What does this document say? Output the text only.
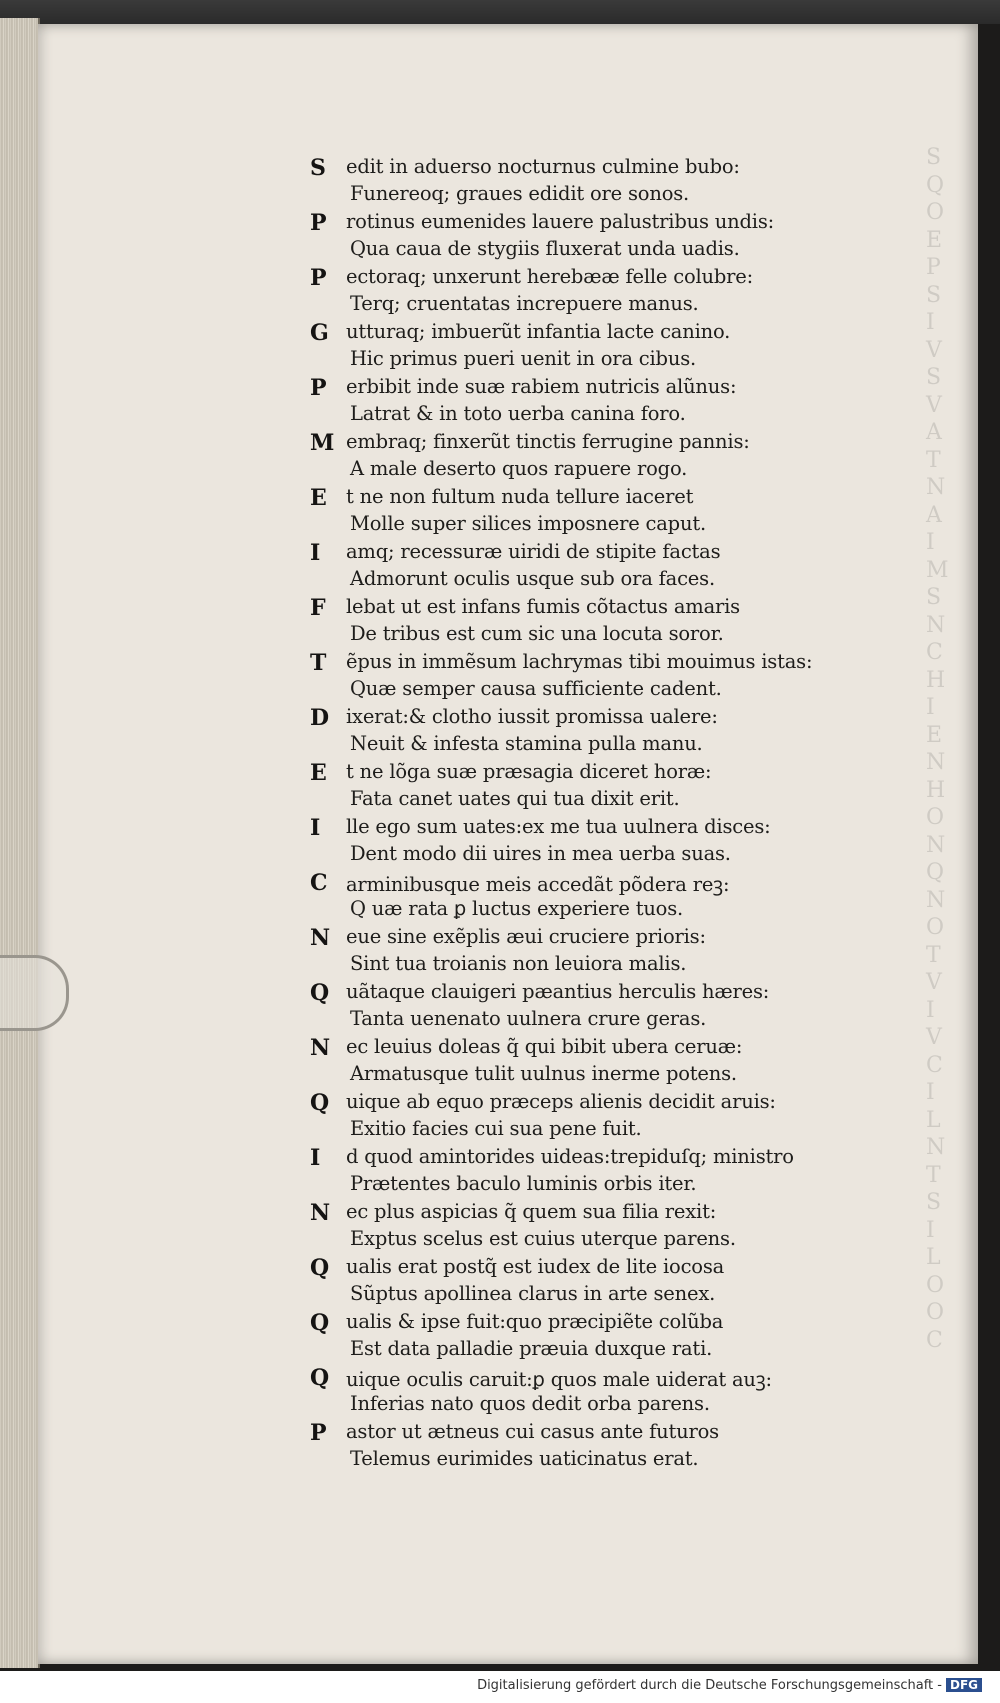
S
Q
O
E
P
S
I
V
S
V
A
T
N
A
I
M
S
N
C
H
I
E
N
H
O
N
Q
N
O
T
V
I
V
C
I
L
N
T
S
I
L
O
O
C
S edit in aduerso nocturnus culmine bubo:
Funereoq; graues edidit ore sonos.
P rotinus eumenides lauere palustribus undis:
Qua caua de stygiis fluxerat unda uadis.
P ectoraq; unxerunt herebææ felle colubre:
Terq; cruentatas increpuere manus.
G utturaq; imbuerũt infantia lacte canino.
Hic primus pueri uenit in ora cibus.
P erbibit inde suæ rabiem nutricis alũnus:
Latrat & in toto uerba canina foro.
M embraq; finxerũt tinctis ferrugine pannis:
A male deserto quos rapuere rogo.
E t ne non fultum nuda tellure iaceret
Molle super silices imposnere caput.
I amq; recessuræ uiridi de stipite factas
Admorunt oculis usque sub ora faces.
F lebat ut est infans fumis cõtactus amaris
De tribus est cum sic una locuta soror.
T ẽpus in immẽsum lachrymas tibi mouimus istas:
Quæ semper causa sufficiente cadent.
D ixerat:& clotho iussit promissa ualere:
Neuit & infesta stamina pulla manu.
E t ne lõga suæ præsagia diceret horæ:
Fata canet uates qui tua dixit erit.
I lle ego sum uates:ex me tua uulnera disces:
Dent modo dii uires in mea uerba suas.
C arminibusque meis accedãt põdera reꝫ:
Q uæ rata ꝑ luctus experiere tuos.
N eue sine exẽplis æui cruciere prioris:
Sint tua troianis non leuiora malis.
Q uãtaque clauigeri pæantius herculis hæres:
Tanta uenenato uulnera crure geras.
N ec leuius doleas q̃ qui bibit ubera ceruæ:
Armatusque tulit uulnus inerme potens.
Q uique ab equo præceps alienis decidit aruis:
Exitio facies cui sua pene fuit.
I d quod amintorides uideas:trepiduſq; ministro
Prætentes baculo luminis orbis iter.
N ec plus aspicias q̃ quem sua filia rexit:
Exptus scelus est cuius uterque parens.
Q ualis erat postq̃ est iudex de lite iocosa
Sũptus apollinea clarus in arte senex.
Q ualis & ipse fuit:quo præcipiẽte colũba
Est data palladie præuia duxque rati.
Q uique oculis caruit:ꝑ quos male uiderat auꝫ:
Inferias nato quos dedit orba parens.
P astor ut ætneus cui casus ante futuros
Telemus eurimides uaticinatus erat.
Digitalisierung gefördert durch die Deutsche Forschungsgemeinschaft - DFG
